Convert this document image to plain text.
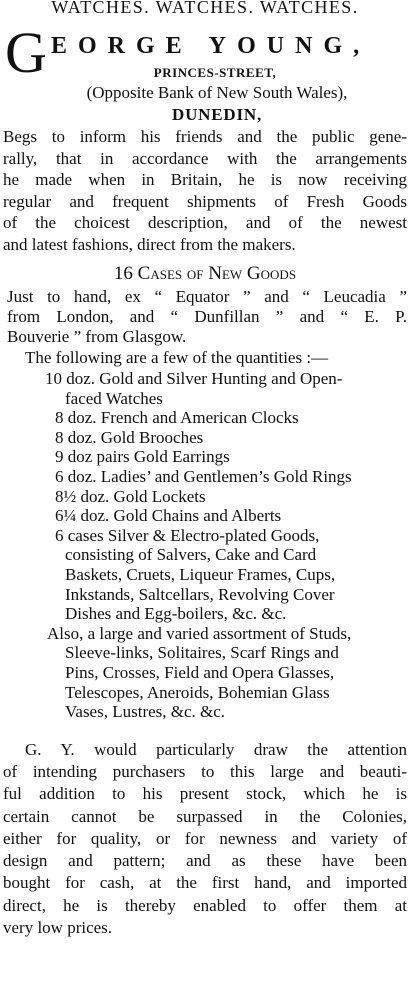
WATCHES. WATCHES. WATCHES.
G EORGE YOUNG,
PRINCES-STREET,
(Opposite Bank of New South Wales),
DUNEDIN,
Begs to inform his friends and the public gene-
rally, that in accordance with the arrangements
he made when in Britain, he is now receiving
regular and frequent shipments of Fresh Goods
of the choicest description, and of the newest
and latest fashions, direct from the makers.
16 Cases of New Goods
Just to hand, ex “ Equator ” and “ Leucadia ”
from London, and “ Dunfillan ” and “ E. P.
Bouverie ” from Glasgow.
The following are a few of the quantities :—
10 doz. Gold and Silver Hunting and Open-
faced Watches
8 doz. French and American Clocks
8 doz. Gold Brooches
9 doz pairs Gold Earrings
6 doz. Ladies’ and Gentlemen’s Gold Rings
8½ doz. Gold Lockets
6¼ doz. Gold Chains and Alberts
6 cases Silver & Electro-plated Goods,
consisting of Salvers, Cake and Card
Baskets, Cruets, Liqueur Frames, Cups,
Inkstands, Saltcellars, Revolving Cover
Dishes and Egg-boilers, &c. &c.
Also, a large and varied assortment of Studs,
Sleeve-links, Solitaires, Scarf Rings and
Pins, Crosses, Field and Opera Glasses,
Telescopes, Aneroids, Bohemian Glass
Vases, Lustres, &c. &c.
G. Y. would particularly draw the attention
of intending purchasers to this large and beauti-
ful addition to his present stock, which he is
certain cannot be surpassed in the Colonies,
either for quality, or for newness and variety of
design and pattern; and as these have been
bought for cash, at the first hand, and imported
direct, he is thereby enabled to offer them at
very low prices.
